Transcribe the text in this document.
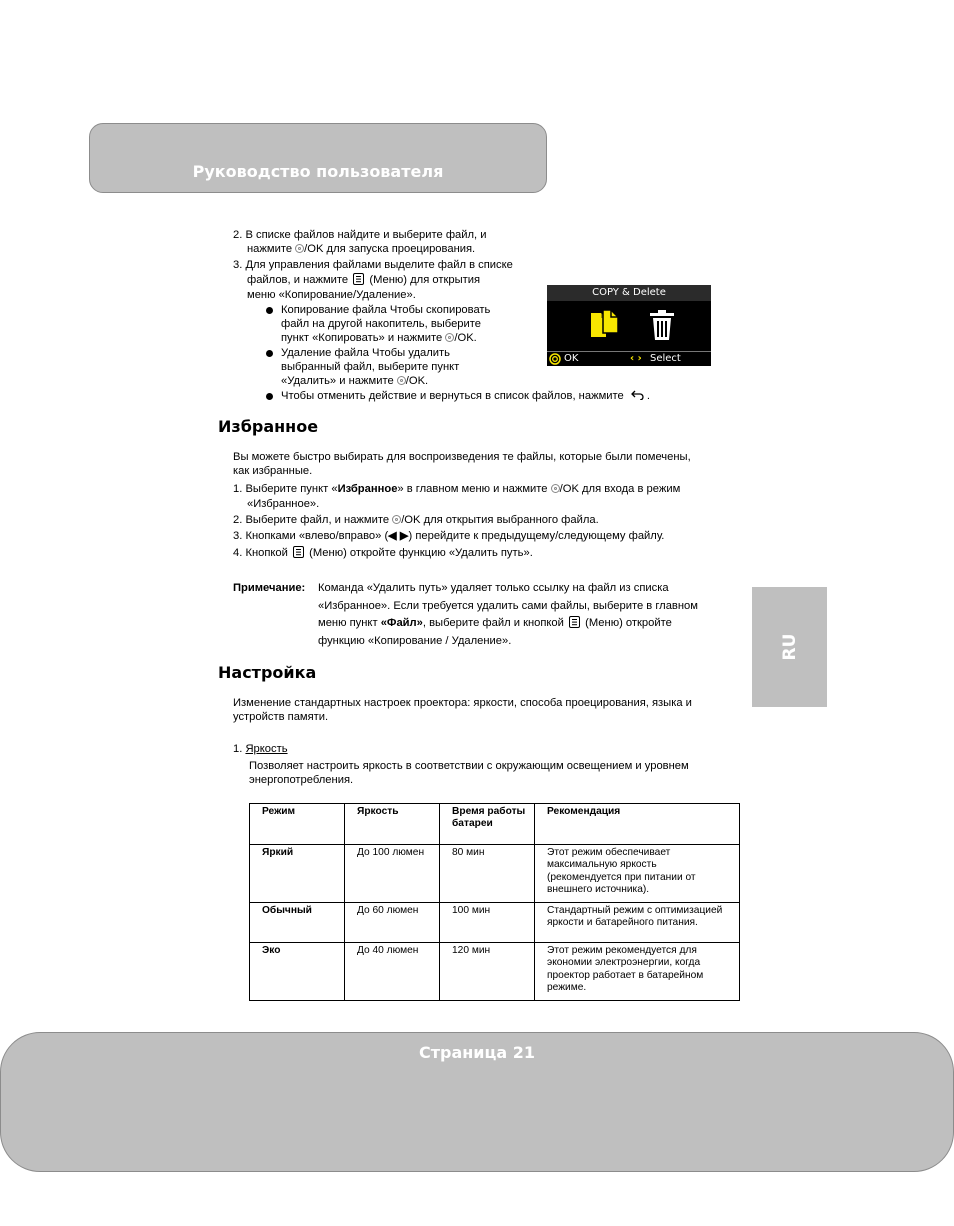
Руководство пользователя
2. В списке файлов найдите и выберите файл, и
нажмите /OK для запуска проецирования.
3. Для управления файлами выделите файл в списке
файлов, и нажмите  (Меню) для открытия
меню «Копирование/Удаление».
Копирование файла Чтобы скопировать
файл на другой накопитель, выберите
пункт «Копировать» и нажмите /OK.
Удаление файла Чтобы удалить
выбранный файл, выберите пункт
«Удалить» и нажмите /OK.
Чтобы отменить действие и вернуться в список файлов, нажмите .
COPY & Delete
OK	‹ › Select
Избранное
Вы можете быстро выбирать для воспроизведения те файлы, которые были помечены,
как избранные.
1. Выберите пункт «Избранное» в главном меню и нажмите /OK для входа в режим
«Избранное».
2. Выберите файл, и нажмите /OK для открытия выбранного файла.
3. Кнопками «влево/вправо» (◀ ▶) перейдите к предыдущему/следующему файлу.
4. Кнопкой  (Меню) откройте функцию «Удалить путь».
Примечание: Команда «Удалить путь» удаляет только ссылку на файл из списка
«Избранное». Если требуется удалить сами файлы, выберите в главном
меню пункт «Файл», выберите файл и кнопкой  (Меню) откройте
функцию «Копирование / Удаление».
Настройка
Изменение стандартных настроек проектора: яркости, способа проецирования, языка и
устройств памяти.
1. Яркость
Позволяет настроить яркость в соответствии с окружающим освещением и уровнем
энергопотребления.
Режим	Яркость	Время работы батареи	Рекомендация
Яркий	До 100 люмен	80 мин	Этот режим обеспечивает максимальную яркость (рекомендуется при питании от внешнего источника).
Обычный	До 60 люмен	100 мин	Стандартный режим с оптимизацией яркости и батарейного питания.
Эко	До 40 люмен	120 мин	Этот режим рекомендуется для экономии электроэнергии, когда проектор работает в батарейном режиме.
RU
Страница 21
